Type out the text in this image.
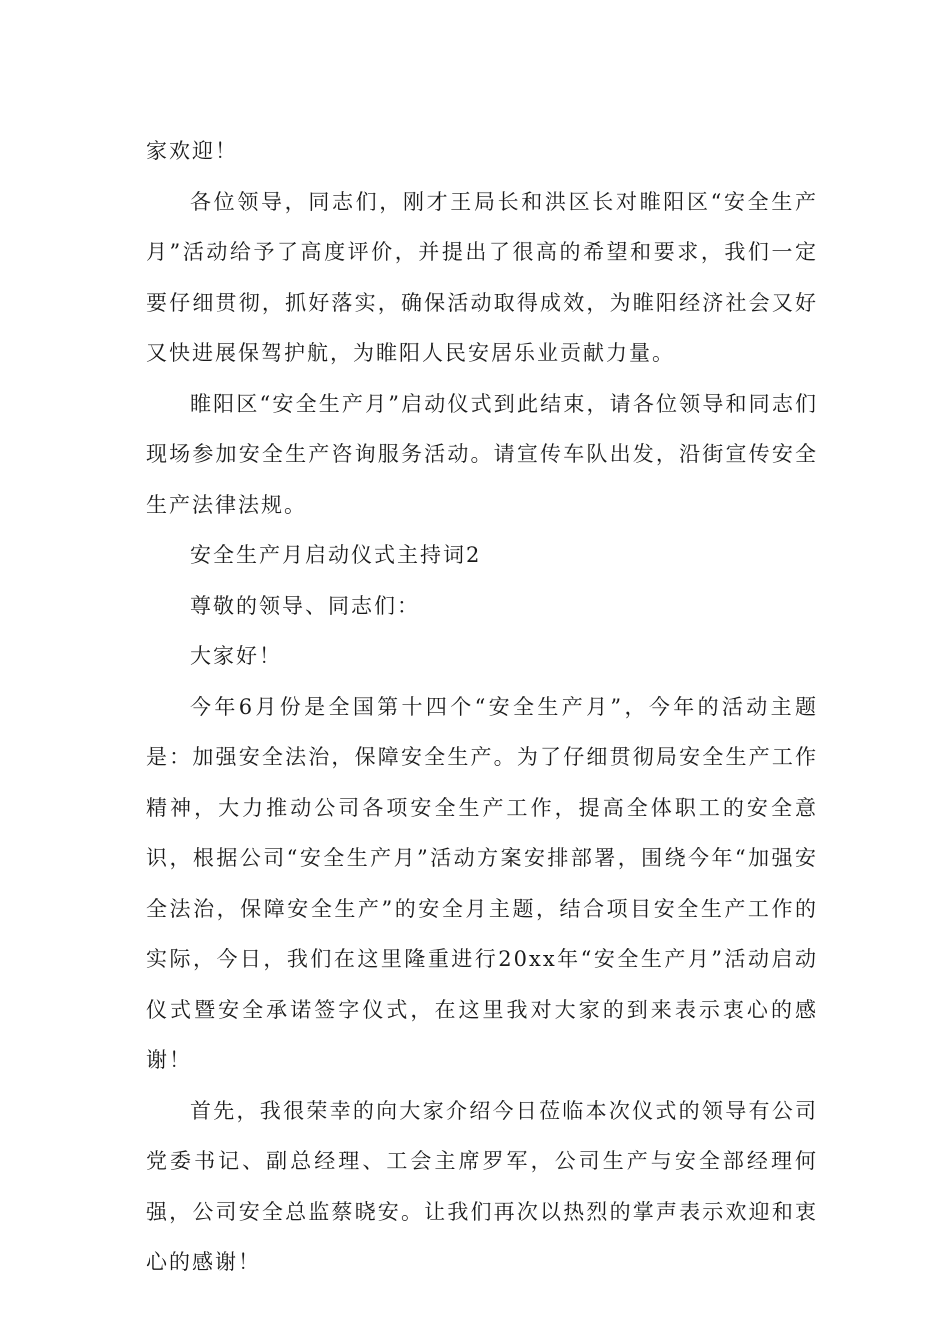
家欢迎！

各位领导，同志们，刚才王局长和洪区长对睢阳区“安全生产月”活动给予了高度评价，并提出了很高的希望和要求，我们一定要仔细贯彻，抓好落实，确保活动取得成效，为睢阳经济社会又好又快进展保驾护航，为睢阳人民安居乐业贡献力量。

睢阳区“安全生产月”启动仪式到此结束，请各位领导和同志们现场参加安全生产咨询服务活动。请宣传车队出发，沿街宣传安全生产法律法规。

安全生产月启动仪式主持词2

尊敬的领导、同志们：

大家好！

今年6月份是全国第十四个“安全生产月”，今年的活动主题是：加强安全法治，保障安全生产。为了仔细贯彻局安全生产工作精神，大力推动公司各项安全生产工作，提高全体职工的安全意识，根据公司“安全生产月”活动方案安排部署，围绕今年“加强安全法治，保障安全生产”的安全月主题，结合项目安全生产工作的实际，今日，我们在这里隆重进行20xx年“安全生产月”活动启动仪式暨安全承诺签字仪式，在这里我对大家的到来表示衷心的感谢！

首先，我很荣幸的向大家介绍今日莅临本次仪式的领导有公司党委书记、副总经理、工会主席罗军，公司生产与安全部经理何强，公司安全总监蔡晓安。让我们再次以热烈的掌声表示欢迎和衷心的感谢！
